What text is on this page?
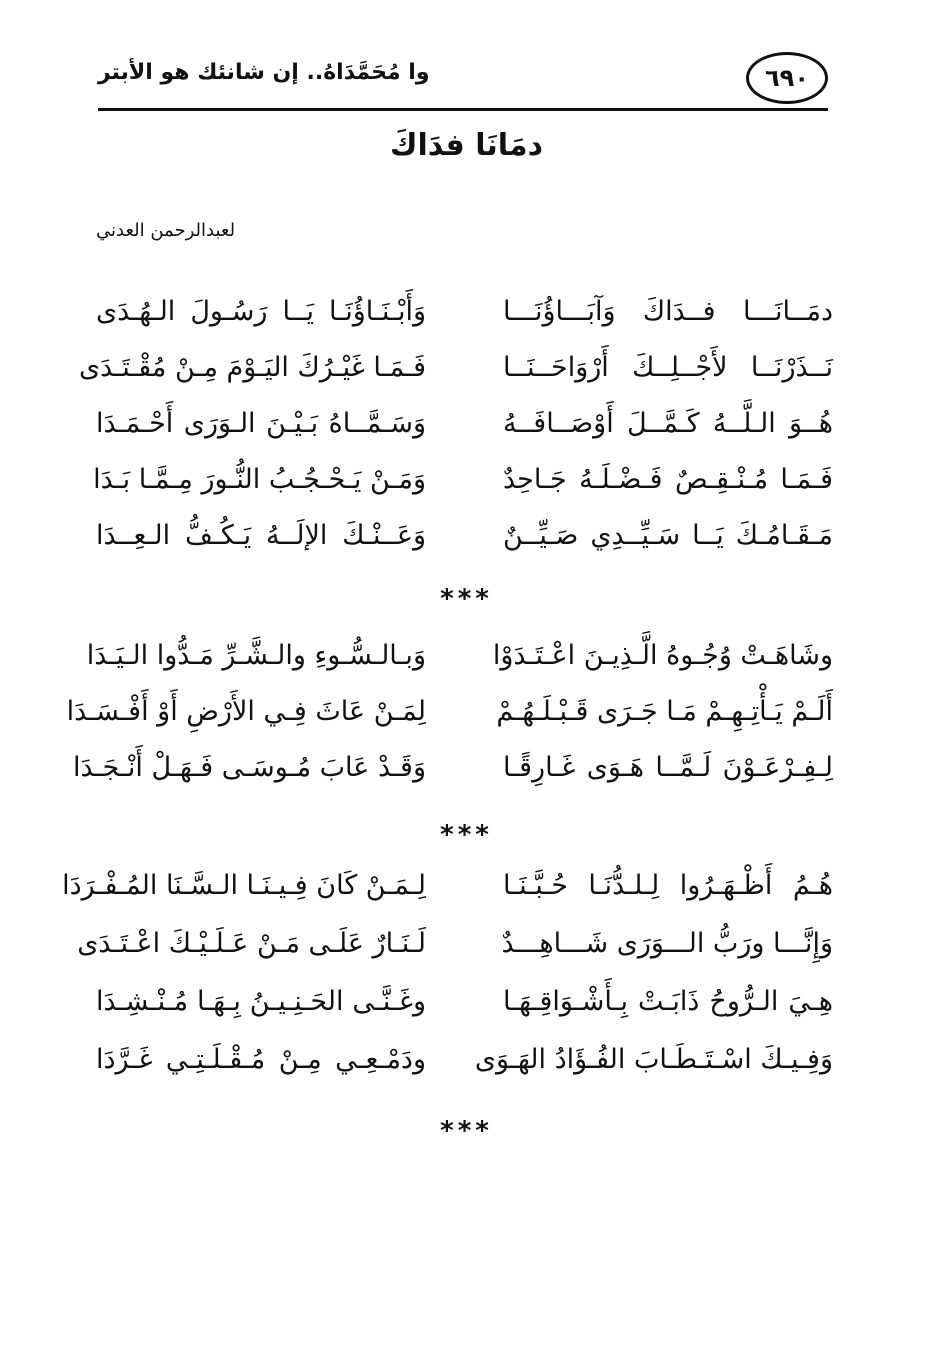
٦٩٠
وا مُحَمَّدَاهُ.. إن شانئك هو الأبتر
دمَانَا فدَاكَ
لعبدالرحمن العدني
دمَــانَـــا فــدَاكَ وَآبَـــاؤُنَـــا
وَأَبْـنَـاؤُنَـا يَــا رَسُـولَ الـهُـدَى
نَــذَرْنَــا لأَجْــلِــكَ أَرْوَاحَــنَــا
فَـمَـا غَيْـرُكَ اليَـوْمَ مِـنْ مُقْـتَـدَى
هُــوَ الـلَّــهُ كَـمَّــلَ أَوْصَــافَــهُ
وَسَـمَّــاهُ بَـيْـنَ الـوَرَى أَحْـمَـدَا
فَـمَـا مُـنْـقِـصٌ فَـضْـلَـهُ جَـاحِدٌ
وَمَـنْ يَـحْـجُـبُ النُّـورَ مِـمَّـا بَـدَا
مَـقَـامُـكَ يَــا سَـيِّــدِي صَـيِّــنٌ
وَعَــنْـكَ الإلَــهُ يَـكُـفُّ الـعِــدَا
***
وشَاهَـتْ وُجُـوهُ الَّـذِيـنَ اعْـتَـدَوْا
وَبـالـسُّـوءِ والـشَّـرِّ مَـدُّوا الـيَـدَا
أَلَـمْ يَـأْتِـهِـمْ مَـا جَـرَى قَـبْـلَـهُـمْ
لِمَـنْ عَاثَ فِـي الأَرْضِ أَوْ أَفْـسَـدَا
لِـفِـرْعَـوْنَ لَـمَّــا هَـوَى غَـارِقًـا
وَقَـدْ عَابَ مُـوسَـى فَـهَـلْ أَنْـجَـدَا
***
هُـمُ أَظْـهَـرُوا لِـلـدُّنَـا حُـبَّـنَـا
لِـمَـنْ كَانَ فِـيـنَـا الـسَّـنَا المُـفْـرَدَا
وَإِنَّـــا ورَبُّ الـــوَرَى شَـــاهِـــدٌ
لَـنَـارٌ عَلَـى مَـنْ عَـلَـيْـكَ اعْـتَـدَى
هِـيَ الـرُّوحُ ذَابَـتْ بِـأَشْـوَاقِـهَـا
وغَـنَّـى الحَـنِـيـنُ بِـهَـا مُـنْـشِـدَا
وَفِـيـكَ اسْـتَـطَـابَ الفُـؤَادُ الهَـوَى
ودَمْـعِـي مِـنْ مُـقْـلَـتِـي غَـرَّدَا
***
